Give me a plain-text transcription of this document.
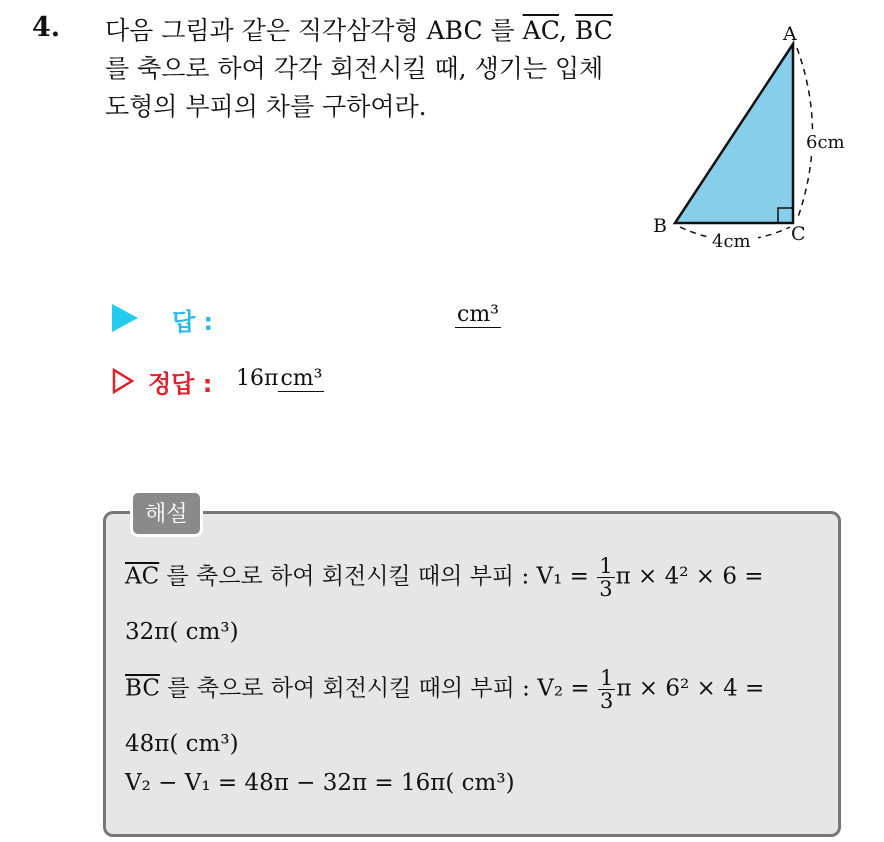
4. 다음 그림과 같은 직각삼각형 ABC 를 $\overline{AC}$, $\overline{BC}$
를 축으로 하여 각각 회전시킬 때, 생기는 입체
도형의 부피의 차를 구하여라.
A
B	C
6cm
4cm
답 :	cm³
정답 : 16πcm³
해설
$\overline{AC}$ 를 축으로 하여 회전시킬 때의 부피 : $V_1 = \frac{1}{3}$ π × 4² × 6 =
32π( cm³)
$\overline{BC}$ 를 축으로 하여 회전시킬 때의 부피 : $V_2 = \frac{1}{3}$ π × 6² × 4 =
48π( cm³)
V₂ − V₁ = 48π − 32π = 16π( cm³)
